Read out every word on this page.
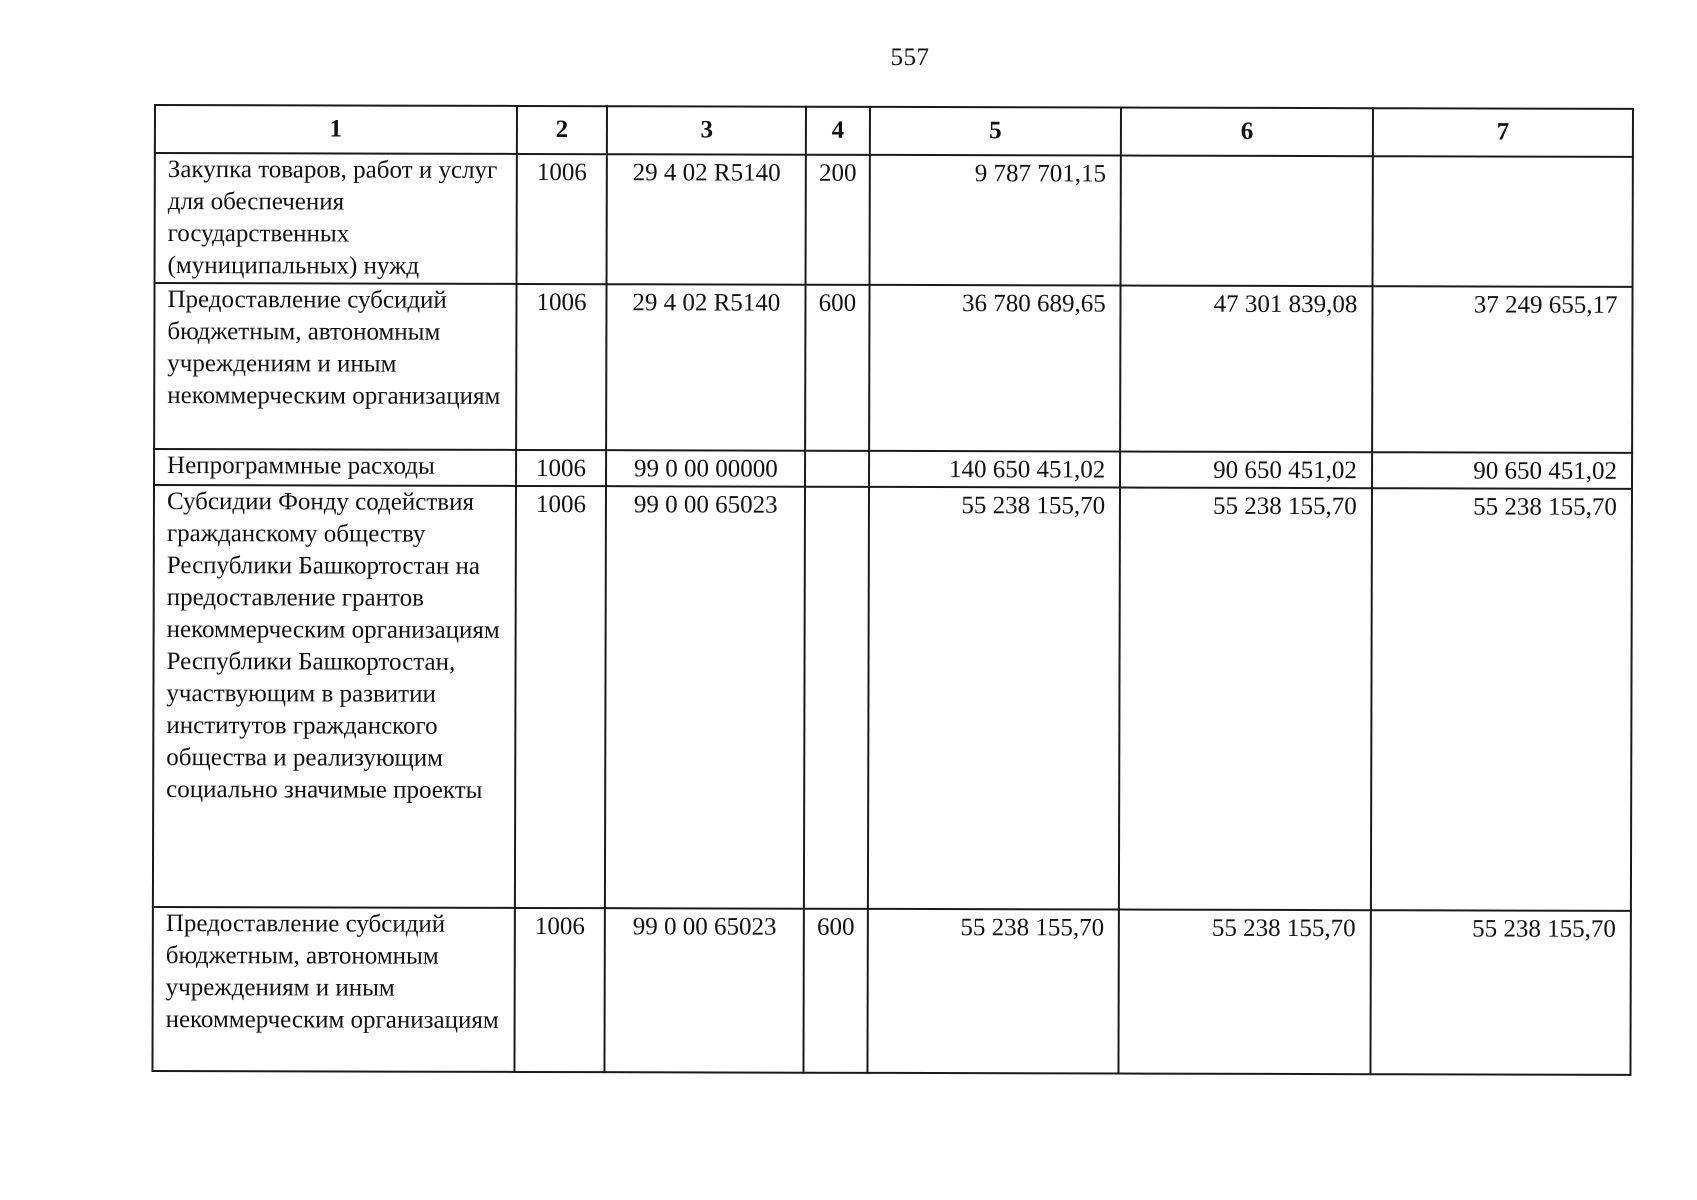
557
1	2	3	4	5	6	7
Закупка товаров, работ и услуг для обеспечения государственных (муниципальных) нужд	1006	29 4 02 R5140	200	9 787 701,15		
Предоставление субсидий бюджетным, автономным учреждениям и иным некоммерческим организациям	1006	29 4 02 R5140	600	36 780 689,65	47 301 839,08	37 249 655,17
Непрограммные расходы	1006	99 0 00 00000		140 650 451,02	90 650 451,02	90 650 451,02
Субсидии Фонду содействия гражданскому обществу Республики Башкортостан на предоставление грантов некоммерческим организациям Республики Башкортостан, участвующим в развитии институтов гражданского общества и реализующим социально значимые проекты	1006	99 0 00 65023		55 238 155,70	55 238 155,70	55 238 155,70
Предоставление субсидий бюджетным, автономным учреждениям и иным некоммерческим организациям	1006	99 0 00 65023	600	55 238 155,70	55 238 155,70	55 238 155,70
